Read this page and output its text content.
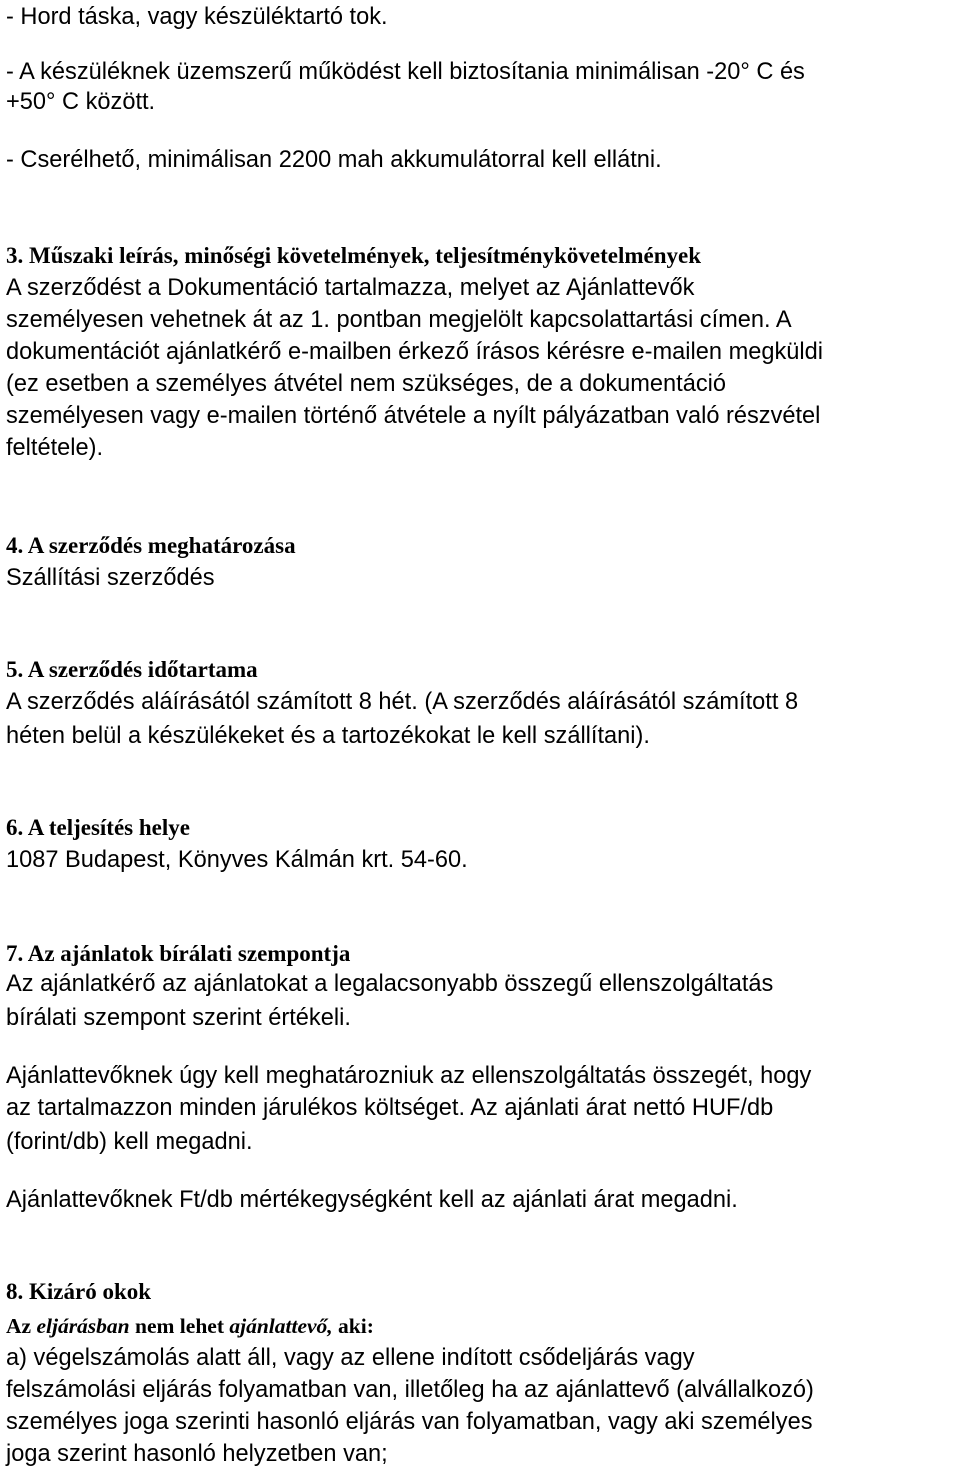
- Hord táska, vagy készüléktartó tok.
- A készüléknek üzemszerű működést kell biztosítania minimálisan -20° C és
+50° C között.
- Cserélhető, minimálisan 2200 mah akkumulátorral kell ellátni.
3. Műszaki leírás, minőségi követelmények, teljesítménykövetelmények
A szerződést a Dokumentáció tartalmazza, melyet az Ajánlattevők
személyesen vehetnek át az 1. pontban megjelölt kapcsolattartási címen. A
dokumentációt ajánlatkérő e-mailben érkező írásos kérésre e-mailen megküldi
(ez esetben a személyes átvétel nem szükséges, de a dokumentáció
személyesen vagy e-mailen történő átvétele a nyílt pályázatban való részvétel
feltétele).
4. A szerződés meghatározása
Szállítási szerződés
5. A szerződés időtartama
A szerződés aláírásától számított 8 hét. (A szerződés aláírásától számított 8
héten belül a készülékeket és a tartozékokat le kell szállítani).
6. A teljesítés helye
1087 Budapest, Könyves Kálmán krt. 54-60.
7. Az ajánlatok bírálati szempontja
Az ajánlatkérő az ajánlatokat a legalacsonyabb összegű ellenszolgáltatás
bírálati szempont szerint értékeli.
Ajánlattevőknek úgy kell meghatározniuk az ellenszolgáltatás összegét, hogy
az tartalmazzon minden járulékos költséget. Az ajánlati árat nettó HUF/db
(forint/db) kell megadni.
Ajánlattevőknek Ft/db mértékegységként kell az ajánlati árat megadni.
8. Kizáró okok
Az eljárásban nem lehet ajánlattevő, aki:
a) végelszámolás alatt áll, vagy az ellene indított csődeljárás vagy
felszámolási eljárás folyamatban van, illetőleg ha az ajánlattevő (alvállalkozó)
személyes joga szerinti hasonló eljárás van folyamatban, vagy aki személyes
joga szerint hasonló helyzetben van;
